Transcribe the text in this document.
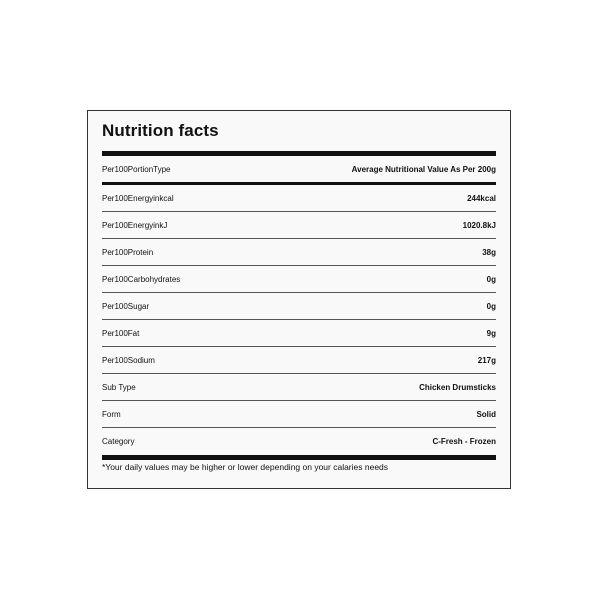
Nutrition facts
Per100PortionType	Average Nutritional Value As Per 200g
Per100Energyinkcal	244kcal
Per100EnergyinkJ	1020.8kJ
Per100Protein	38g
Per100Carbohydrates	0g
Per100Sugar	0g
Per100Fat	9g
Per100Sodium	217g
Sub Type	Chicken Drumsticks
Form	Solid
Category	C-Fresh - Frozen
*Your daily values may be higher or lower depending on your calaries needs
